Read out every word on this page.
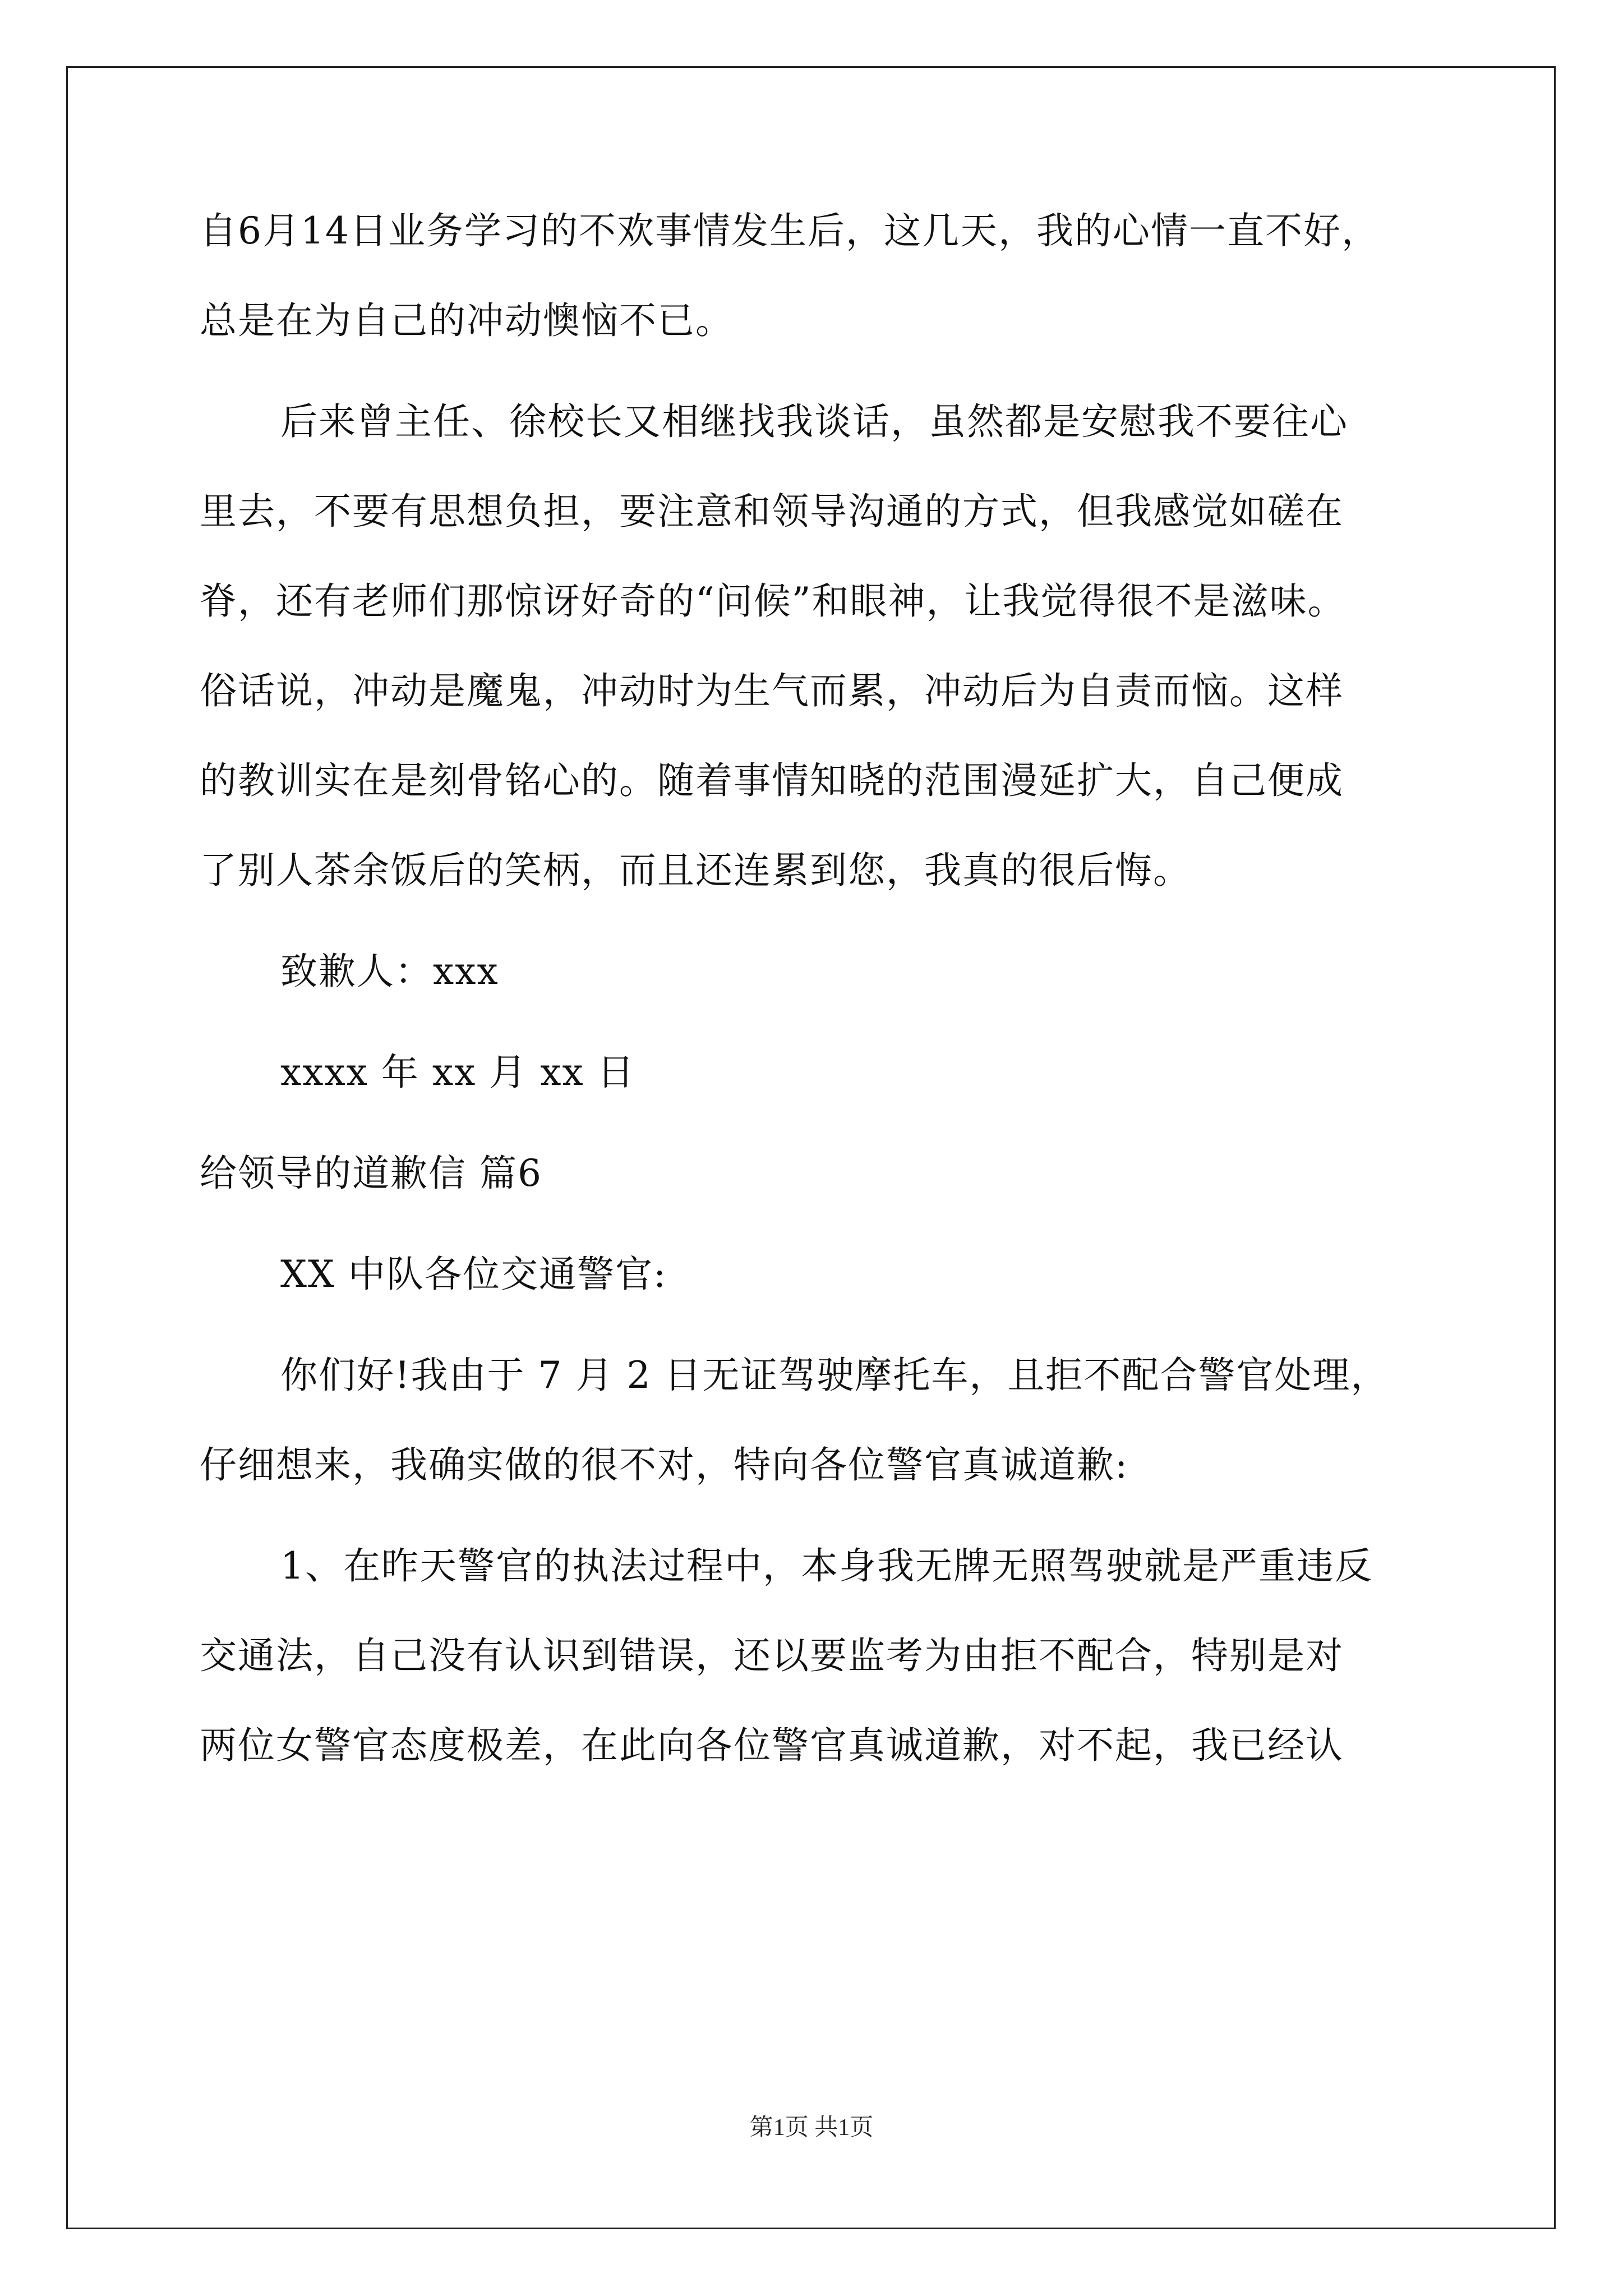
自6月14日业务学习的不欢事情发生后，这几天，我的心情一直不好，
总是在为自己的冲动懊恼不已。
后来曾主任、徐校长又相继找我谈话，虽然都是安慰我不要往心
里去，不要有思想负担，要注意和领导沟通的方式，但我感觉如磋在
脊，还有老师们那惊讶好奇的“问候”和眼神，让我觉得很不是滋味。
俗话说，冲动是魔鬼，冲动时为生气而累，冲动后为自责而恼。这样
的教训实在是刻骨铭心的。随着事情知晓的范围漫延扩大，自己便成
了别人茶余饭后的笑柄，而且还连累到您，我真的很后悔。
致歉人：xxx
xxxx 年 xx 月 xx 日
给领导的道歉信 篇6
XX 中队各位交通警官:
你们好!我由于 7 月 2 日无证驾驶摩托车，且拒不配合警官处理，
仔细想来，我确实做的很不对，特向各位警官真诚道歉:
1、在昨天警官的执法过程中，本身我无牌无照驾驶就是严重违反
交通法，自己没有认识到错误，还以要监考为由拒不配合，特别是对
两位女警官态度极差，在此向各位警官真诚道歉，对不起，我已经认
第1页 共1页
